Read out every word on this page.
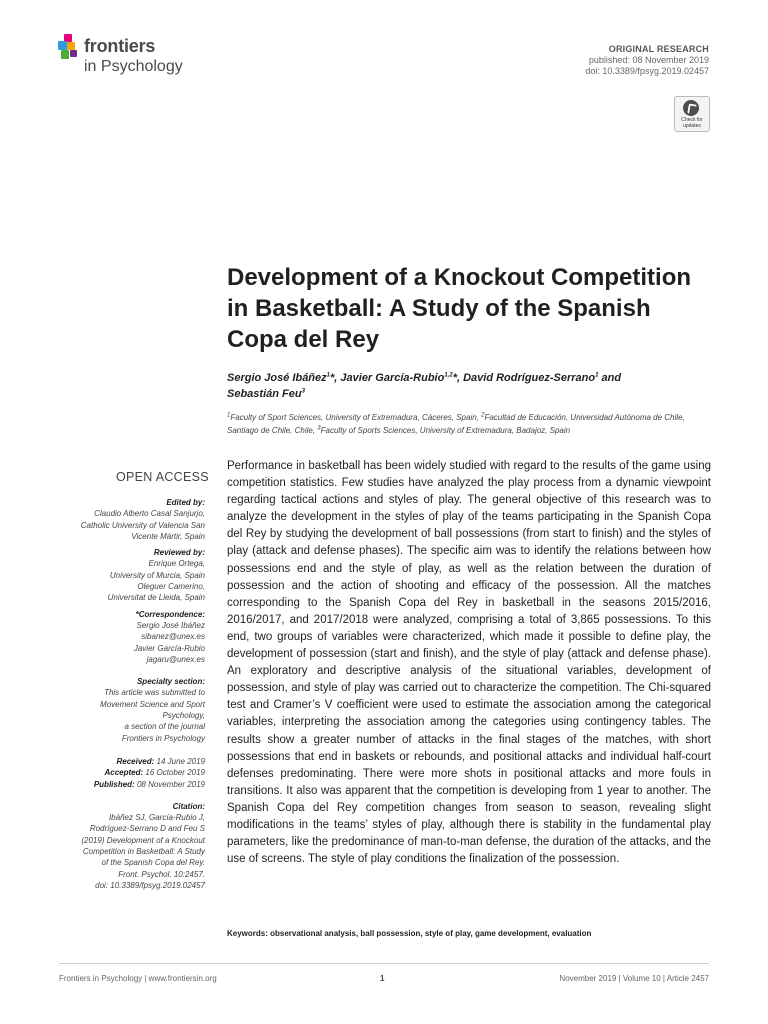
frontiers
in Psychology
ORIGINAL RESEARCH
published: 08 November 2019
doi: 10.3389/fpsyg.2019.02457
Check for
updates
Development of a Knockout Competition in Basketball: A Study of the Spanish Copa del Rey
Sergio José Ibáñez$^1$*, Javier García-Rubio$^{1,2}$*, David Rodríguez-Serrano$^1$ and
Sebastián Feu$^3$
$^1$Faculty of Sport Sciences, University of Extremadura, Cáceres, Spain, $^2$Facultad de Educación, Universidad Autónoma de Chile, Santiago de Chile, Chile, $^3$Faculty of Sports Sciences, University of Extremadura, Badajoz, Spain
OPEN ACCESS
Edited by:
Claudio Alberto Casal Sanjurjo,
Catholic University of Valencia San
Vicente Mártir, Spain
Reviewed by:
Enrique Ortega,
University of Murcia, Spain
Oleguer Camerino,
Universitat de Lleida, Spain
*Correspondence:
Sergio José Ibáñez
sibanez@unex.es
Javier García-Rubio
jagaru@unex.es
Specialty section:
This article was submitted to
Movement Science and Sport
Psychology,
a section of the journal
Frontiers in Psychology
Received: 14 June 2019
Accepted: 16 October 2019
Published: 08 November 2019
Citation:
Ibáñez SJ, García-Rubio J,
Rodríguez-Serrano D and Feu S
(2019) Development of a Knockout
Competition in Basketball: A Study
of the Spanish Copa del Rey.
Front. Psychol. 10:2457.
doi: 10.3389/fpsyg.2019.02457

Performance in basketball has been widely studied with regard to the results of the game using competition statistics. Few studies have analyzed the play process from a dynamic viewpoint regarding tactical actions and styles of play. The general objective of this research was to analyze the development in the styles of play of the teams participating in the Spanish Copa del Rey by studying the development of ball possessions (from start to finish) and the styles of play (attack and defense phases). The specific aim was to identify the relations between how possessions end and the style of play, as well as the relation between the duration of possession and the action of shooting and efficacy of the possession. All the matches corresponding to the Spanish Copa del Rey in basketball in the seasons 2015/2016, 2016/2017, and 2017/2018 were analyzed, comprising a total of 3,865 possessions. To this end, two groups of variables were characterized, which made it possible to define play, the development of possession (start and finish), and the style of play (attack and defense phase). An exploratory and descriptive analysis of the situational variables, development of possession, and style of play was carried out to characterize the competition. The Chi-squared test and Cramer’s V coefficient were used to estimate the association among the categorical variables, interpreting the association among the categories using contingency tables. The results show a greater number of attacks in the final stages of the matches, with short possessions that end in baskets or rebounds, and positional attacks and individual half-court defenses predominating. There were more shots in positional attacks and more fouls in transitions. It also was apparent that the competition is developing from 1 year to another. The Spanish Copa del Rey competition changes from season to season, revealing slight modifications in the teams’ styles of play, although there is stability in the fundamental play parameters, like the predominance of man-to-man defense, the duration of the attacks, and the use of screens. The style of play conditions the finalization of the possession.

Keywords: observational analysis, ball possession, style of play, game development, evaluation
Frontiers in Psychology | www.frontiersin.org	1	November 2019 | Volume 10 | Article 2457
